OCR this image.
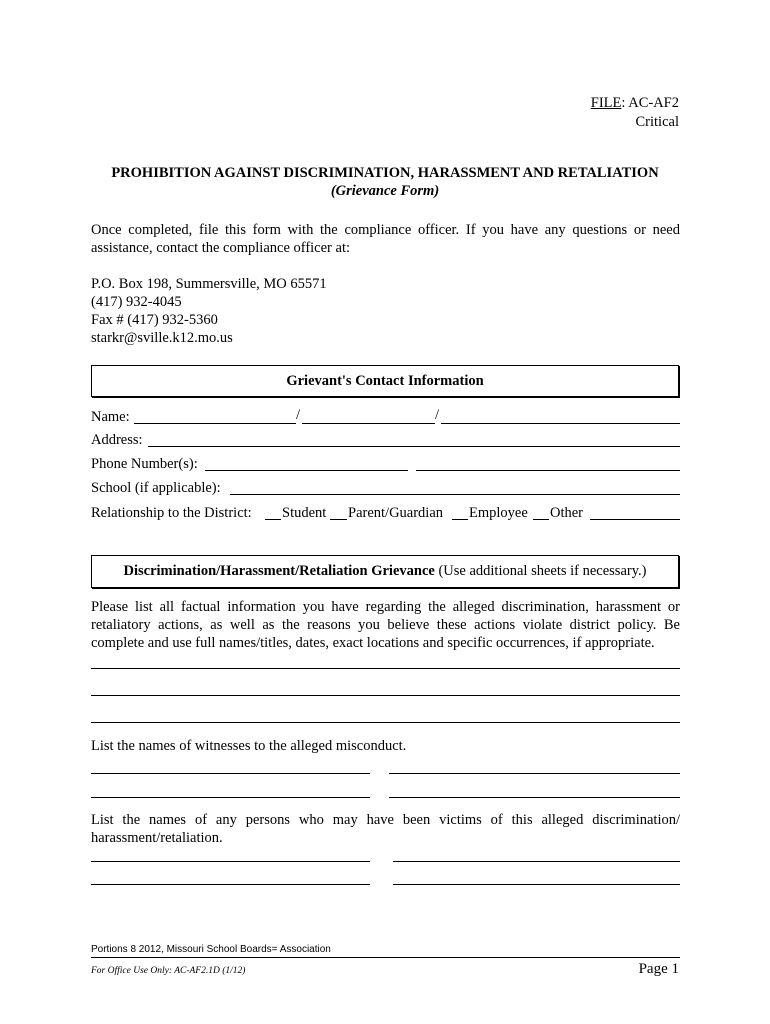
FILE: AC-AF2
Critical
PROHIBITION AGAINST DISCRIMINATION, HARASSMENT AND RETALIATION
(Grievance Form)
Once completed, file this form with the compliance officer. If you have any questions or need assistance, contact the compliance officer at:
P.O. Box 198, Summersville, MO 65571
(417) 932-4045
Fax # (417) 932-5360
starkr@sville.k12.mo.us
Grievant's Contact Information
Name:	/	/
Address:
Phone Number(s):
School (if applicable):
Relationship to the District: Student Parent/Guardian Employee Other
Discrimination/Harassment/Retaliation Grievance (Use additional sheets if necessary.)
Please list all factual information you have regarding the alleged discrimination, harassment or retaliatory actions, as well as the reasons you believe these actions violate district policy. Be complete and use full names/titles, dates, exact locations and specific occurrences, if appropriate.
List the names of witnesses to the alleged misconduct.
List the names of any persons who may have been victims of this alleged discrimination/ harassment/retaliation.
Portions 8 2012, Missouri School Boards= Association
For Office Use Only: AC-AF2.1D (1/12)	Page 1
